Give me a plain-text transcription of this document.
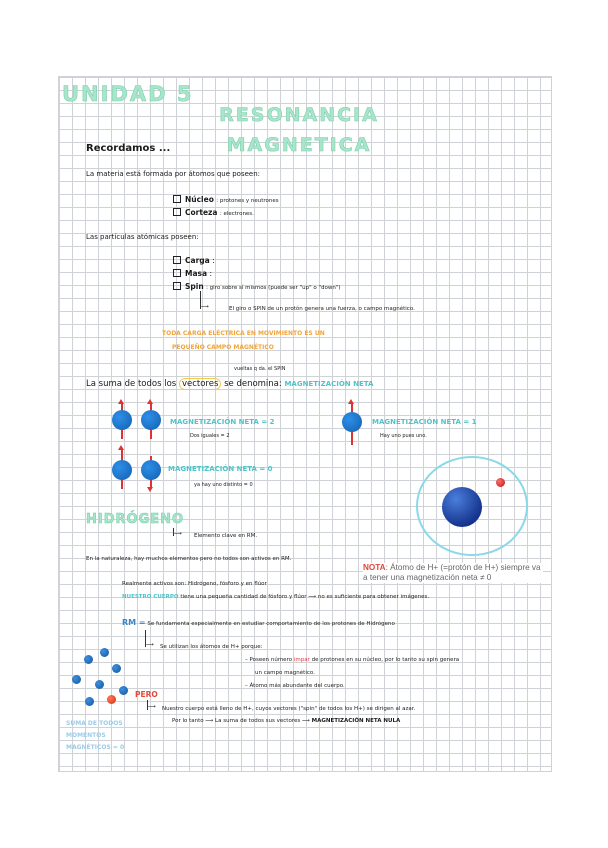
UNIDAD 5
RESONANCIA
MAGNETICA
Recordamos ...
La materia está formada por átomos que poseen:
Núcleo : protones y neutrones
Corteza : electrones.
Las partículas atómicas poseen:
Carga :
Masa :
Spin : giro sobre sí mismos (puede ser "up" o "down")
⟶	El giro o SPIN de un protón genera una fuerza, o campo magnético.
TODA CARGA ELÉCTRICA EN MOVIMIENTO ES UN
PEQUEÑO CAMPO MAGNÉTICO
vueltas q da. el SPIN
La suma de todos los vectores se denomina: MAGNETIZACIÓN NETA
MAGNETIZACIÓN NETA = 2
Dos iguales = 2
MAGNETIZACIÓN NETA = 1
Hay uno pues uno.
MAGNETIZACIÓN NETA = 0
ya hay uno distinto = 0
HIDRÓGENO
⟶ Elemento clave en RM.
En la naturaleza, hay muchos elementos pero no todos son activos en RM.
NOTA: Átomo de H+ (=protón de H+) siempre va a tener una magnetización neta ≠ 0
Realmente activos son: Hidrógeno, fósforo y en flúor
NUESTRO CUERPO tiene una pequeña cantidad de fósforo y flúor ⟶ no es suficiente para obtener imágenes.
RM = Se fundamenta especialmente en estudiar comportamiento de los protones de Hidrógeno
⟶ Se utilizan los átomos de H+ porque:
– Poseen número impar de protones en su núcleo, por lo tanto su spin genera
un campo magnético.
– Átomo más abundante del cuerpo.
PERO
⟶ Nuestro cuerpo está lleno de H+, cuyos vectores ("spin" de todos los H+) se dirigen al azar.
Por lo tanto ⟶ La suma de todos sus vectores ⟶ MAGNETIZACIÓN NETA NULA
SUMA DE TODOS
MOMENTOS
MAGNÉTICOS = 0
